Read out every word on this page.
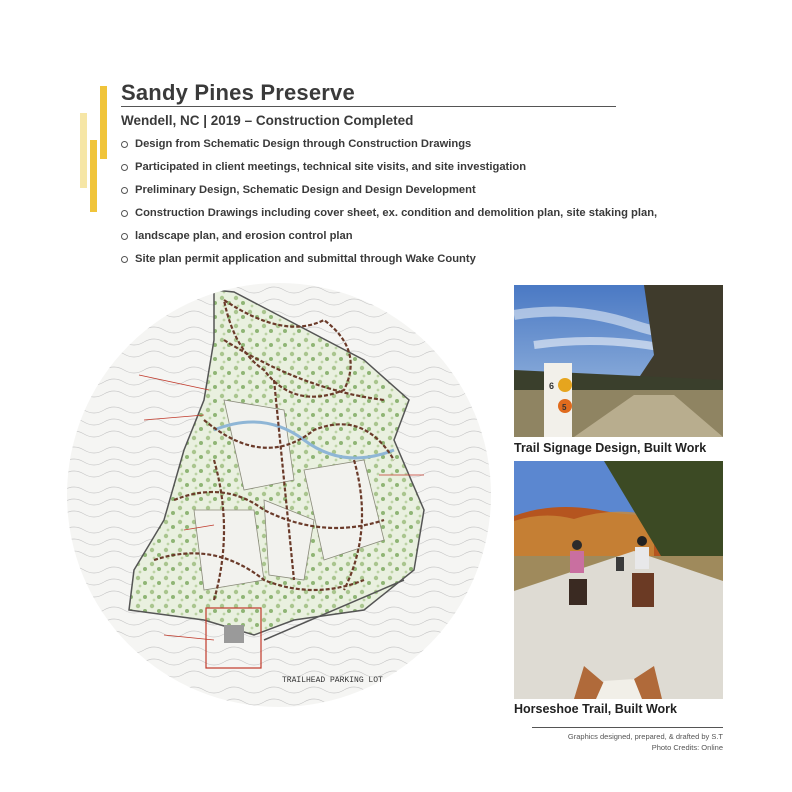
Sandy Pines Preserve

Wendell, NC | 2019 – Construction Completed

Design from Schematic Design through Construction Drawings
Participated in client meetings, technical site visits, and site investigation
Preliminary Design, Schematic Design and Design Development
Construction Drawings including cover sheet, ex. condition and demolition plan, site staking plan,
landscape plan, and erosion control plan
Site plan permit application and submittal through Wake County
TRAILHEAD PARKING LOT
6
5

Trail Signage Design, Built Work

Horseshoe Trail, Built Work

Graphics designed, prepared, & drafted by S.T

Photo Credits: Online
